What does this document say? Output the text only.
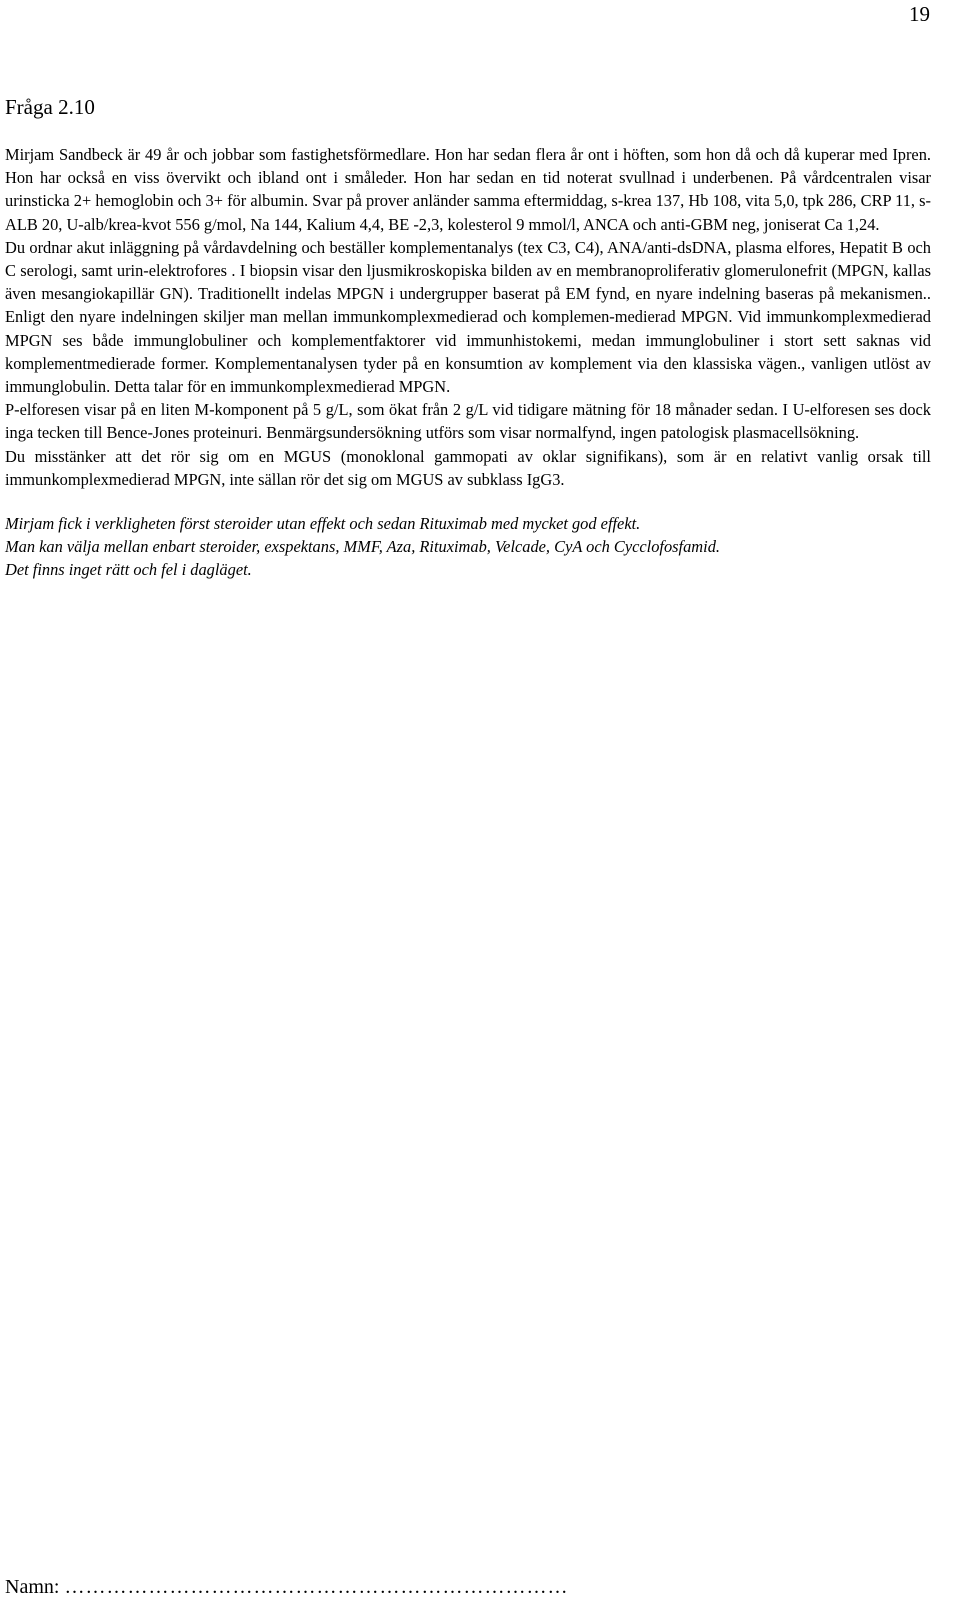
19
Fråga 2.10

Mirjam Sandbeck är 49 år och jobbar som fastighetsförmedlare. Hon har sedan flera år ont i höften, som hon då och då kuperar med Ipren. Hon har också en viss övervikt och ibland ont i småleder. Hon har sedan en tid noterat svullnad i underbenen. På vårdcentralen visar urinsticka 2+ hemoglobin och 3+ för albumin. Svar på prover anländer samma eftermiddag, s-krea 137, Hb 108, vita 5,0, tpk 286, CRP 11, s-ALB 20, U-alb/krea-kvot 556 g/mol, Na 144, Kalium 4,4, BE -2,3, kolesterol 9 mmol/l, ANCA och anti-GBM neg, joniserat Ca 1,24.

Du ordnar akut inläggning på vårdavdelning och beställer komplementanalys (tex C3, C4), ANA/anti-dsDNA, plasma elfores, Hepatit B och C serologi, samt urin-elektrofores . I biopsin visar den ljusmikroskopiska bilden av en membranoproliferativ glomerulonefrit (MPGN, kallas även mesangiokapillär GN). Traditionellt indelas MPGN i undergrupper baserat på EM fynd, en nyare indelning baseras på mekanismen.. Enligt den nyare indelningen skiljer man mellan immunkomplexmedierad och komplemen-medierad MPGN. Vid immunkomplexmedierad MPGN ses både immunglobuliner och komplementfaktorer vid immunhistokemi, medan immunglobuliner i stort sett saknas vid komplementmedierade former. Komplementanalysen tyder på en konsumtion av komplement via den klassiska vägen., vanligen utlöst av immunglobulin. Detta talar för en immunkomplexmedierad MPGN.

P-elforesen visar på en liten M-komponent på 5 g/L, som ökat från 2 g/L vid tidigare mätning för 18 månader sedan. I U-elforesen ses dock inga tecken till Bence-Jones proteinuri. Benmärgsundersökning utförs som visar normalfynd, ingen patologisk plasmacellsökning.

Du misstänker att det rör sig om en MGUS (monoklonal gammopati av oklar signifikans), som är en relativt vanlig orsak till immunkomplexmedierad MPGN, inte sällan rör det sig om MGUS av subklass IgG3.

Mirjam fick i verkligheten först steroider utan effekt och sedan Rituximab med mycket god effekt.

Man kan välja mellan enbart steroider, exspektans, MMF, Aza, Rituximab, Velcade, CyA och Cycclofosfamid.

Det finns inget rätt och fel i dagläget.

Namn: ………………………………………………………………
